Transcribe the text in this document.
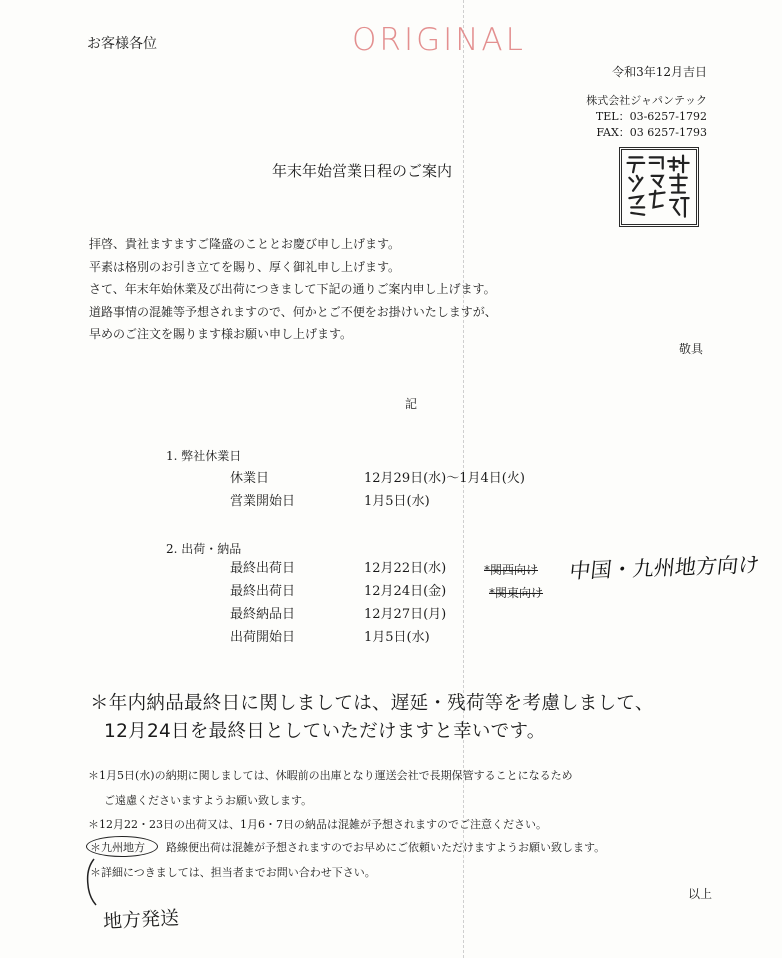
お客様各位	ORIGINAL
令和3年12月吉日
株式会社ジャパンテック
TEL：03-6257-1792
FAX：03 6257-1793
年末年始営業日程のご案内
拝啓、貴社ますますご隆盛のこととお慶び申し上げます。
平素は格別のお引き立てを賜り、厚く御礼申し上げます。
さて、年末年始休業及び出荷につきまして下記の通りご案内申し上げます。
道路事情の混雑等予想されますので、何かとご不便をお掛けいたしますが、
早めのご注文を賜ります様お願い申し上げます。
敬具
記
1. 弊社休業日
休業日
営業開始日
12月29日(水)～1月4日(火)
1月5日(水)
2. 出荷・納品
最終出荷日
最終出荷日
最終納品日
出荷開始日
12月22日(水)
12月24日(金)
12月27日(月)
1月5日(水)
*関西向け
*関東向け
中国・九州地方向け
＊年内納品最終日に関しましては、遅延・残荷等を考慮しまして、
12月24日を最終日としていただけますと幸いです。
＊1月5日(水)の納期に関しましては、休暇前の出庫となり運送会社で長期保管することになるため
ご遠慮くださいますようお願い致します。
＊12月22・23日の出荷又は、1月6・7日の納品は混雑が予想されますのでご注意ください。
＊九州地方 路線便出荷は混雑が予想されますのでお早めにご依頼いただけますようお願い致します。
＊詳細につきましては、担当者までお問い合わせ下さい。
以上
地方発送
